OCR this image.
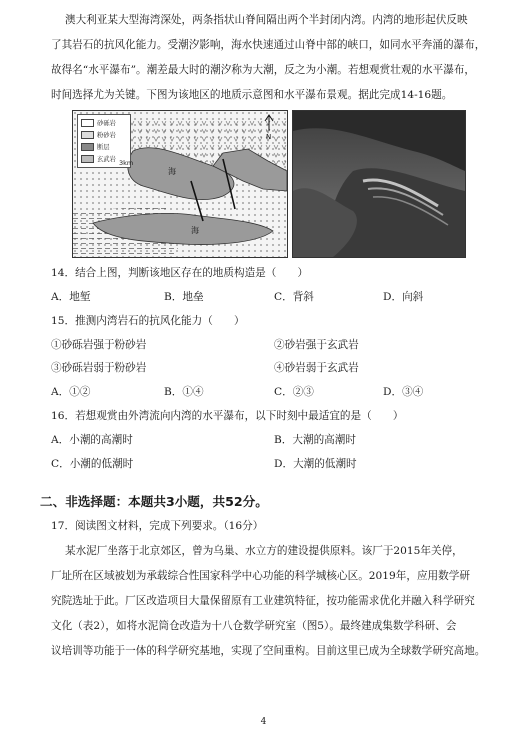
澳大利亚某大型海湾深处，两条指状山脊间隔出两个半封闭内湾。内湾的地形起伏反映
了其岩石的抗风化能力。受潮汐影响，海水快速通过山脊中部的峡口，如同水平奔涌的瀑布，
故得名“水平瀑布”。潮差最大时的潮汐称为大潮，反之为小潮。若想观赏壮观的水平瀑布，
时间选择尤为关键。下图为该地区的地质示意图和水平瀑布景观。据此完成14-16题。
N
砂砾岩
粉砂岩
断层
玄武岩 3km
海
海
14．结合上图，判断该地区存在的地质构造是（　　）
A．地堑	B．地垒	C．背斜	D．向斜
15．推测内湾岩石的抗风化能力（　　）
①砂砾岩强于粉砂岩	②砂岩强于玄武岩
③砂砾岩弱于粉砂岩	④砂岩弱于玄武岩
A．①②	B．①④	C．②③	D．③④
16．若想观赏由外湾流向内湾的水平瀑布，以下时刻中最适宜的是（　　）
A．小潮的高潮时	B．大潮的高潮时
C．小潮的低潮时	D．大潮的低潮时
二、非选择题：本题共3小题，共52分。
17．阅读图文材料，完成下列要求。（16分）
某水泥厂坐落于北京郊区，曾为乌巢、水立方的建设提供原料。该厂于2015年关停，
厂址所在区域被划为承载综合性国家科学中心功能的科学城核心区。2019年，应用数学研
究院选址于此。厂区改造项目大量保留原有工业建筑特征，按功能需求优化并融入科学研究
文化（表2），如将水泥筒仓改造为十八仓数学研究室（图5）。最终建成集数学科研、会
议培训等功能于一体的科学研究基地，实现了空间重构。目前这里已成为全球数学研究高地。
4
